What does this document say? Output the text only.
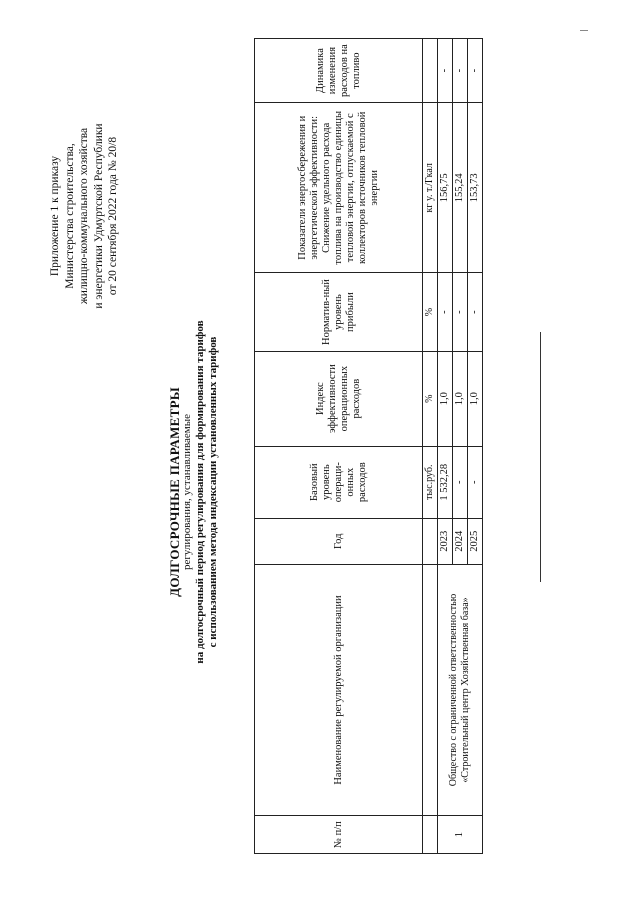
Приложение 1 к приказу Министерства строительства, жилищно-коммунального хозяйства и энергетики Удмуртской Республики от 20 сентября 2022 года № 20/8
ДОЛГОСРОЧНЫЕ ПАРАМЕТРЫ регулирования, устанавливаемые на долгосрочный период регулирования для формирования тарифов с использованием метода индексации установленных тарифов
№ п/п	Наименование регулируемой организации	Год	Базовый уровень операци-онных расходов	Индекс эффективности операционных расходов	Норматив-ный уровень прибыли	Показатели энергосбережения и энергетической эффективности: Снижение удельного расхода топлива на производство единицы тепловой энергии, отпускаемой с коллекторов источников тепловой энергии	Динамика изменения расходов на топливо
			тыс.руб.	%	%	кг у. т./Гкал	
1	Общество с ограниченной ответственностью «Строительный центр Хозяйственная база»	2023	1 532,28	1,0	-	156,75	-
		2024	-	1,0	-	155,24	-
		2025	-	1,0	-	153,73	-
